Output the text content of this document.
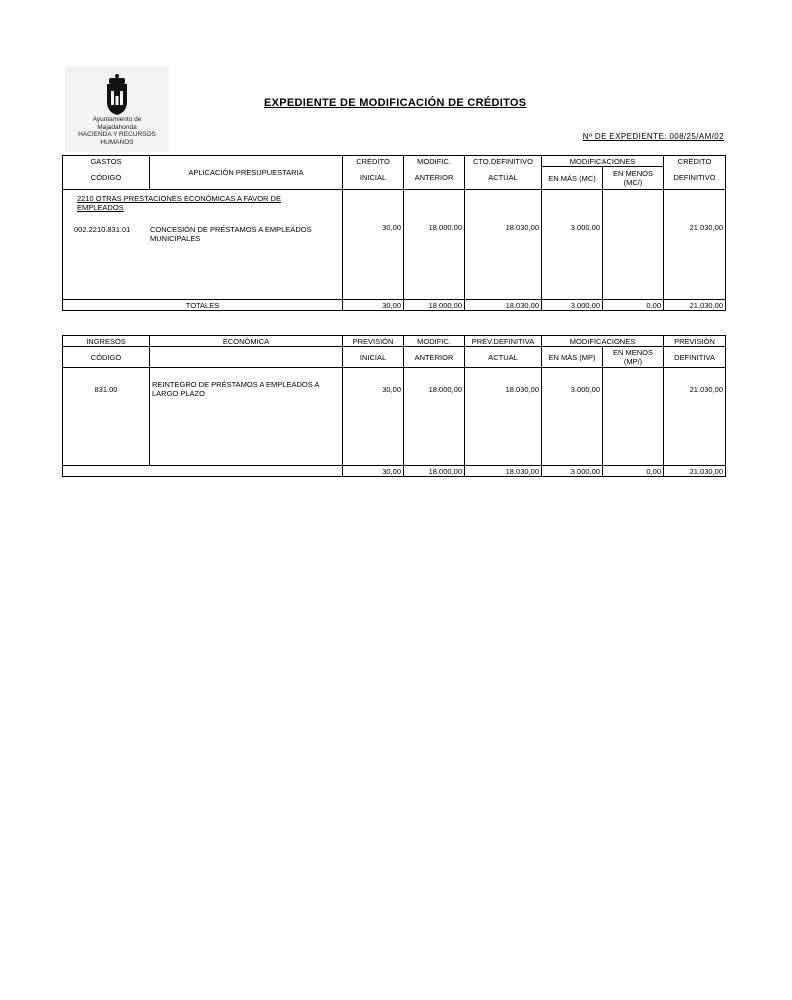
Ayuntamiento de
Majadahonda
HACIENDA Y RECURSOS
HUMANOS
EXPEDIENTE DE MODIFICACIÓN DE CRÉDITOS
Nº DE EXPEDIENTE: 008/25/AM/02
GASTOS	APLICACIÓN PRESUPUESTARIA	CRÉDITO	MODIFIC.	CTO.DEFINITIVO	MODIFICACIONES	CRÉDITO
CÓDIGO	INICIAL	ANTERIOR	ACTUAL	EN MÁS (MC)	EN MENOS (MC/)	DEFINITIVO

2210 OTRAS PRESTACIONES ECONÓMICAS A FAVOR DE EMPLEADOS
002.2210.831.01	CONCESIÓN DE PRÉSTAMOS A EMPLEADOS MUNICIPALES
	30,00	18.000,00	18.030,00	3.000,00		21.030,00
TOTALES	30,00	18.000,00	18.030,00	3.000,00	0,00	21.030,00
INGRESOS	ECONÓMICA	PREVISIÓN	MODIFIC.	PREV.DEFINITIVA	MODIFICACIONES	PREVISIÓN
CÓDIGO		INICIAL	ANTERIOR	ACTUAL	EN MÁS (MP)	EN MENOS (MP/)	DEFINITIVA
831.00	REINTEGRO DE PRÉSTAMOS A EMPLEADOS A LARGO PLAZO	30,00	18.000,00	18.030,00	3.000,00		21.030,00
	30,00	18.000,00	18.030,00	3.000,00	0,00	21.030,00
